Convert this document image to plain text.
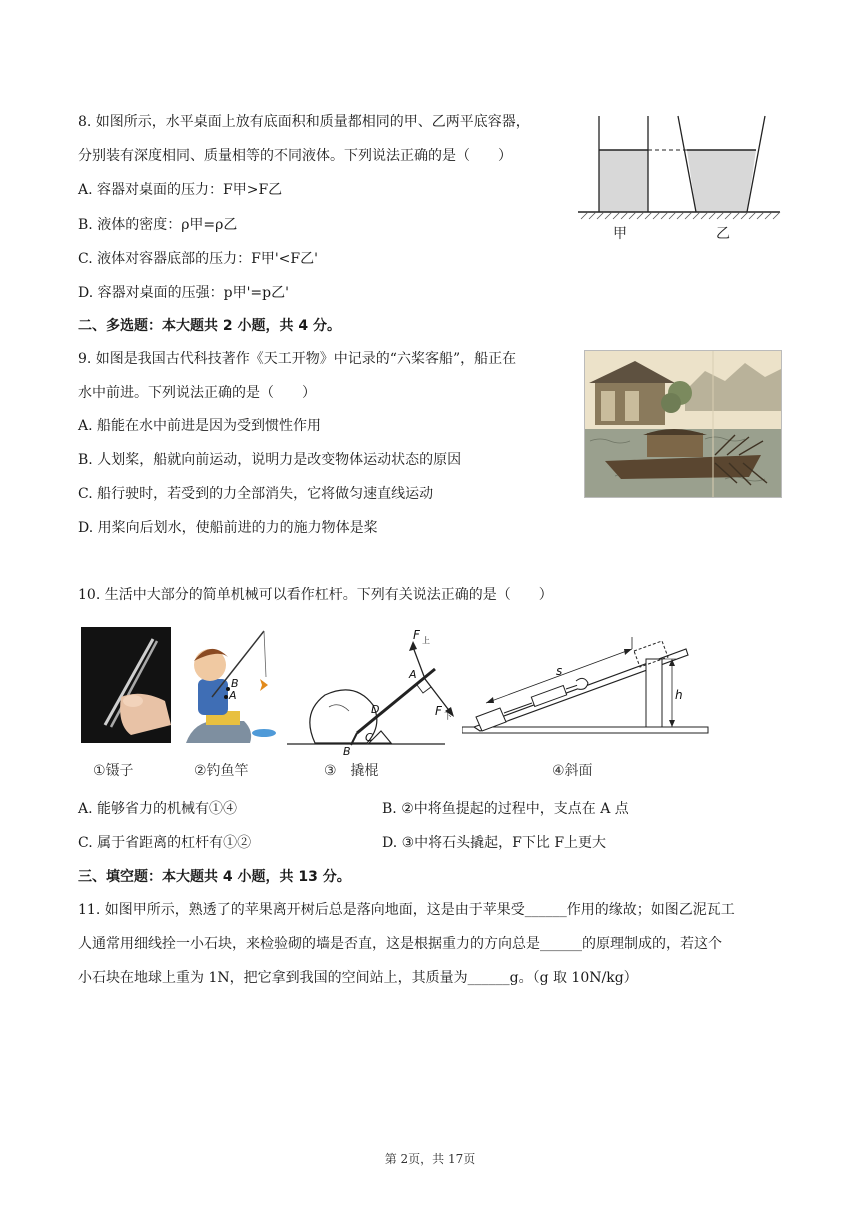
8. 如图所示，水平桌面上放有底面积和质量都相同的甲、乙两平底容器，
分别装有深度相同、质量相等的不同液体。下列说法正确的是（　　）
A. 容器对桌面的压力：F甲>F乙
B. 液体的密度：ρ甲=ρ乙
C. 液体对容器底部的压力：F甲'<F乙'
D. 容器对桌面的压强：p甲'=p乙'
甲	乙
二、多选题：本大题共 2 小题，共 4 分。
9. 如图是我国古代科技著作《天工开物》中记录的“六桨客船”，船正在
水中前进。下列说法正确的是（　　）
A. 船能在水中前进是因为受到惯性作用
B. 人划桨，船就向前运动，说明力是改变物体运动状态的原因
C. 船行驶时，若受到的力全部消失，它将做匀速直线运动
D. 用桨向后划水，使船前进的力的施力物体是桨
10. 生活中大部分的简单机械可以看作杠杆。下列有关说法正确的是（　　）
B
A
F 上
A
F 下
D
C
B
s
h
①镊子	②钓鱼竿	③　撬棍	④斜面
A. 能够省力的机械有①④	B. ②中将鱼提起的过程中，支点在 A 点
C. 属于省距离的杠杆有①②	D. ③中将石头撬起，F下比 F上更大
三、填空题：本大题共 4 小题，共 13 分。
11. 如图甲所示，熟透了的苹果离开树后总是落向地面，这是由于苹果受______作用的缘故；如图乙泥瓦工
人通常用细线拴一小石块，来检验砌的墙是否直，这是根据重力的方向总是______的原理制成的，若这个
小石块在地球上重为 1N，把它拿到我国的空间站上，其质量为______g。（g 取 10N/kg）
第 2页，共 17页
